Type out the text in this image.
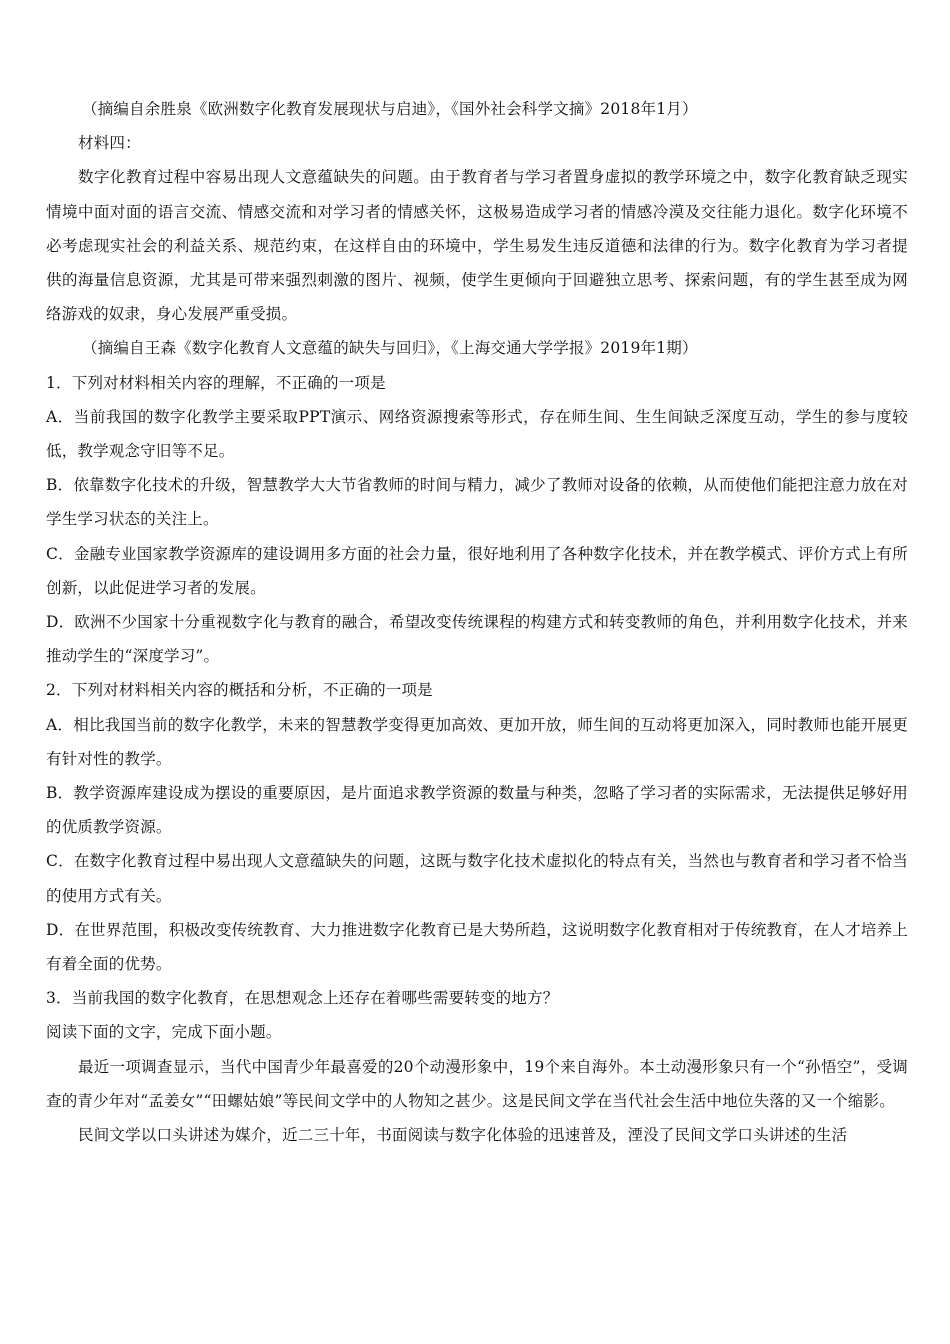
（摘编自余胜泉《欧洲数字化教育发展现状与启迪》，《国外社会科学文摘》2018年1月）

材料四：

数字化教育过程中容易出现人文意蕴缺失的问题。由于教育者与学习者置身虚拟的教学环境之中，数字化教育缺乏现实情境中面对面的语言交流、情感交流和对学习者的情感关怀，这极易造成学习者的情感冷漠及交往能力退化。数字化环境不必考虑现实社会的利益关系、规范约束，在这样自由的环境中，学生易发生违反道德和法律的行为。数字化教育为学习者提供的海量信息资源，尤其是可带来强烈刺激的图片、视频，使学生更倾向于回避独立思考、探索问题，有的学生甚至成为网络游戏的奴隶，身心发展严重受损。

（摘编自王森《数字化教育人文意蕴的缺失与回归》，《上海交通大学学报》2019年1期）

1．下列对材料相关内容的理解，不正确的一项是

A．当前我国的数字化教学主要采取PPT演示、网络资源搜索等形式，存在师生间、生生间缺乏深度互动，学生的参与度较低，教学观念守旧等不足。

B．依靠数字化技术的升级，智慧教学大大节省教师的时间与精力，减少了教师对设备的依赖，从而使他们能把注意力放在对学生学习状态的关注上。

C．金融专业国家教学资源库的建设调用多方面的社会力量，很好地利用了各种数字化技术，并在教学模式、评价方式上有所创新，以此促进学习者的发展。

D．欧洲不少国家十分重视数字化与教育的融合，希望改变传统课程的构建方式和转变教师的角色，并利用数字化技术，并来推动学生的“深度学习”。

2．下列对材料相关内容的概括和分析，不正确的一项是

A．相比我国当前的数字化教学，未来的智慧教学变得更加高效、更加开放，师生间的互动将更加深入，同时教师也能开展更有针对性的教学。

B．教学资源库建设成为摆设的重要原因，是片面追求教学资源的数量与种类，忽略了学习者的实际需求，无法提供足够好用的优质教学资源。

C．在数字化教育过程中易出现人文意蕴缺失的问题，这既与数字化技术虚拟化的特点有关，当然也与教育者和学习者不恰当的使用方式有关。

D．在世界范围，积极改变传统教育、大力推进数字化教育已是大势所趋，这说明数字化教育相对于传统教育，在人才培养上有着全面的优势。

3．当前我国的数字化教育，在思想观念上还存在着哪些需要转变的地方？

阅读下面的文字，完成下面小题。

最近一项调查显示，当代中国青少年最喜爱的20个动漫形象中，19个来自海外。本土动漫形象只有一个“孙悟空”，受调查的青少年对“孟姜女”“田螺姑娘”等民间文学中的人物知之甚少。这是民间文学在当代社会生活中地位失落的又一个缩影。

民间文学以口头讲述为媒介，近二三十年，书面阅读与数字化体验的迅速普及，湮没了民间文学口头讲述的生活
